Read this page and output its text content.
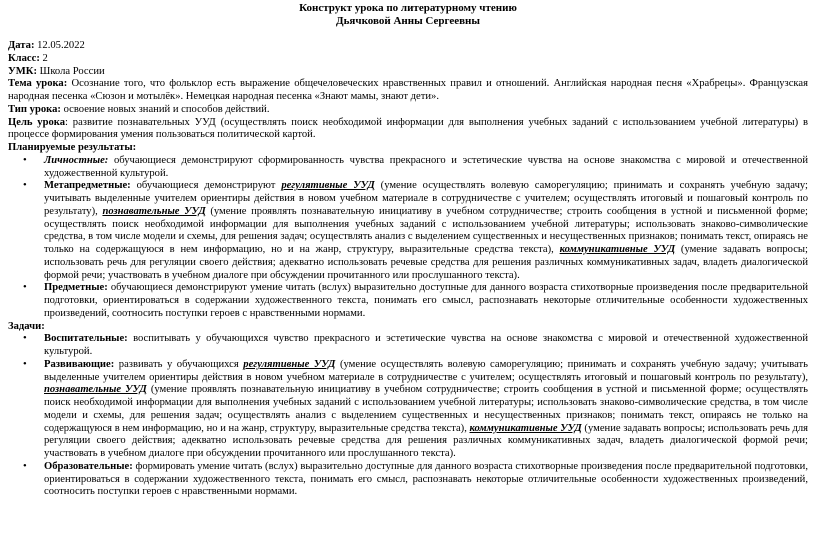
Конструкт урока по литературному чтению
Дьячковой Анны Сергеевны
Дата: 12.05.2022
Класс: 2
УМК: Школа России
Тема урока: Осознание того, что фольклор есть выражение общечеловеческих нравственных правил и отношений. Английская народная песня «Храбрецы». Французская народная песенка «Сюзон и мотылёк». Немецкая народная песенка «Знают мамы, знают дети».
Тип урока: освоение новых знаний и способов действий.
Цель урока: развитие познавательных УУД (осуществлять поиск необходимой информации для выполнения учебных заданий с использованием учебной литературы) в процессе формирования умения пользоваться политической картой.
Планируемые результаты:
• Личностные: обучающиеся демонстрируют сформированность чувства прекрасного и эстетические чувства на основе знакомства с мировой и отечественной художественной культурой.
• Метапредметные: обучающиеся демонстрируют регулятивные УУД (умение осуществлять волевую саморегуляцию; принимать и сохранять учебную задачу; учитывать выделенные учителем ориентиры действия в новом учебном материале в сотрудничестве с учителем; осуществлять итоговый и пошаговый контроль по результату), познавательные УУД (умение проявлять познавательную инициативу в учебном сотрудничестве; строить сообщения в устной и письменной форме; осуществлять поиск необходимой информации для выполнения учебных заданий с использованием учебной литературы; использовать знаково-символические средства, в том числе модели и схемы, для решения задач; осуществлять анализ с выделением существенных и несущественных признаков; понимать текст, опираясь не только на содержащуюся в нем информацию, но и на жанр, структуру, выразительные средства текста), коммуникативные УУД (умение задавать вопросы; использовать речь для регуляции своего действия; адекватно использовать речевые средства для решения различных коммуникативных задач, владеть диалогической формой речи; участвовать в учебном диалоге при обсуждении прочитанного или прослушанного текста).
• Предметные: обучающиеся демонстрируют умение читать (вслух) выразительно доступные для данного возраста стихотворные произведения после предварительной подготовки, ориентироваться в содержании художественного текста, понимать его смысл, распознавать некоторые отличительные особенности художественных произведений, соотносить поступки героев с нравственными нормами.
Задачи:
• Воспитательные: воспитывать у обучающихся чувство прекрасного и эстетические чувства на основе знакомства с мировой и отечественной художественной культурой.
• Развивающие: развивать у обучающихся регулятивные УУД (умение осуществлять волевую саморегуляцию; принимать и сохранять учебную задачу; учитывать выделенные учителем ориентиры действия в новом учебном материале в сотрудничестве с учителем; осуществлять итоговый и пошаговый контроль по результату), познавательные УУД (умение проявлять познавательную инициативу в учебном сотрудничестве; строить сообщения в устной и письменной форме; осуществлять поиск необходимой информации для выполнения учебных заданий с использованием учебной литературы; использовать знаково-символические средства, в том числе модели и схемы, для решения задач; осуществлять анализ с выделением существенных и несущественных признаков; понимать текст, опираясь не только на содержащуюся в нем информацию, но и на жанр, структуру, выразительные средства текста), коммуникативные УУД (умение задавать вопросы; использовать речь для регуляции своего действия; адекватно использовать речевые средства для решения различных коммуникативных задач, владеть диалогической формой речи; участвовать в учебном диалоге при обсуждении прочитанного или прослушанного текста).
• Образовательные: формировать умение читать (вслух) выразительно доступные для данного возраста стихотворные произведения после предварительной подготовки, ориентироваться в содержании художественного текста, понимать его смысл, распознавать некоторые отличительные особенности художественных произведений, соотносить поступки героев с нравственными нормами.
